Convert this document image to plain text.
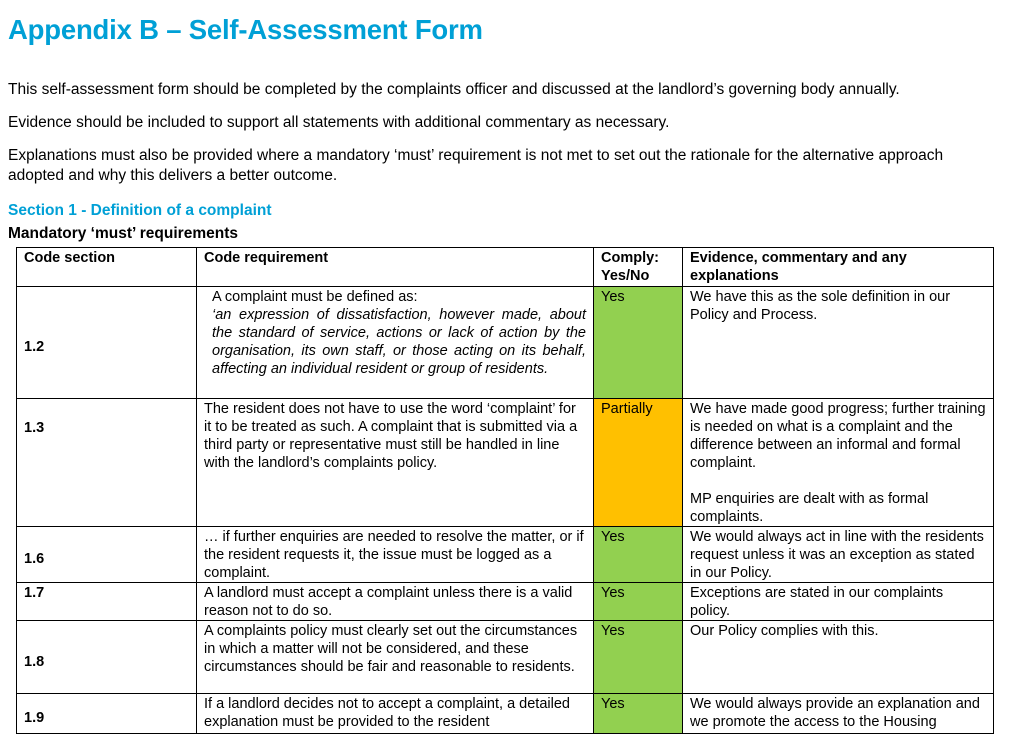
Appendix B – Self-Assessment Form

This self-assessment form should be completed by the complaints officer and discussed at the landlord’s governing body annually.

Evidence should be included to support all statements with additional commentary as necessary.

Explanations must also be provided where a mandatory ‘must’ requirement is not met to set out the rationale for the alternative approach adopted and why this delivers a better outcome.

Section 1 - Definition of a complaint
Mandatory ‘must’ requirements
Code section	Code requirement	Comply: Yes/No	Evidence, commentary and any explanations
1.2	A complaint must be defined as:
‘an expression of dissatisfaction, however made, about the standard of service, actions or lack of action by the organisation, its own staff, or those acting on its behalf, affecting an individual resident or group of residents.	Yes	We have this as the sole definition in our Policy and Process.
1.3	The resident does not have to use the word ‘complaint’ for it to be treated as such. A complaint that is submitted via a third party or representative must still be handled in line with the landlord’s complaints policy.	Partially	We have made good progress; further training is needed on what is a complaint and the difference between an informal and formal complaint.
MP enquiries are dealt with as formal complaints.

1.6	… if further enquiries are needed to resolve the matter, or if the resident requests it, the issue must be logged as a complaint.	Yes	We would always act in line with the residents request unless it was an exception as stated in our Policy.
1.7	A landlord must accept a complaint unless there is a valid reason not to do so.	Yes	Exceptions are stated in our complaints policy.
1.8	A complaints policy must clearly set out the circumstances in which a matter will not be considered, and these circumstances should be fair and reasonable to residents.	Yes	Our Policy complies with this.
1.9	If a landlord decides not to accept a complaint, a detailed explanation must be provided to the resident	Yes	We would always provide an explanation and we promote the access to the Housing
